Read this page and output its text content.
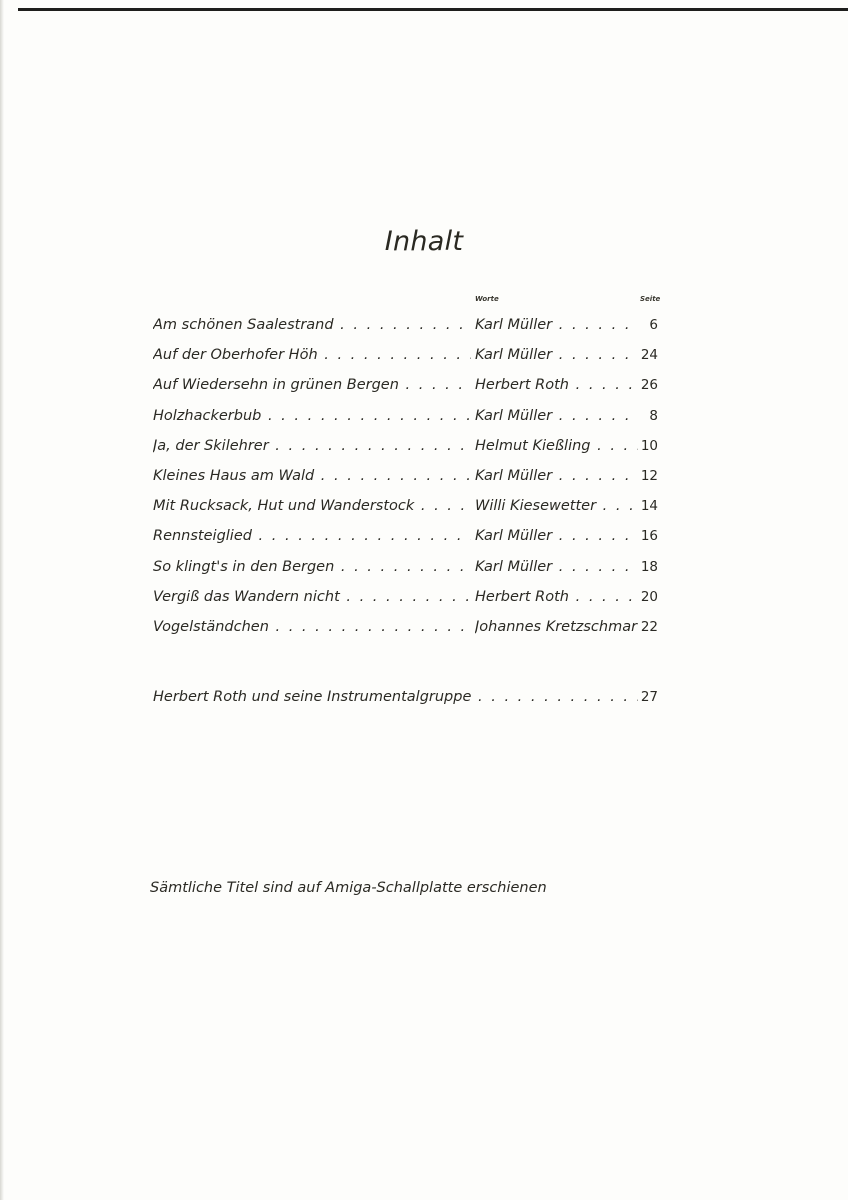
Inhalt
Worte	Seite
Am schönen Saalestrand . . .	Karl Müller . . .	6
Auf der Oberhofer Höh . . .	Karl Müller . . .	24
Auf Wiedersehn in grünen Bergen . . .	Herbert Roth . . .	26
Holzhackerbub . . .	Karl Müller . . .	8
Ja, der Skilehrer . . .	Helmut Kießling . . .	10
Kleines Haus am Wald . . .	Karl Müller . . .	12
Mit Rucksack, Hut und Wanderstock . . .	Willi Kiesewetter . . .	14
Rennsteiglied . . .	Karl Müller . . .	16
So klingt's in den Bergen . . .	Karl Müller . . .	18
Vergiß das Wandern nicht . . .	Herbert Roth . . .	20
Vogelständchen . . .	Johannes Kretzschmar . . . 22
Herbert Roth und seine Instrumentalgruppe . . .	27
Sämtliche Titel sind auf Amiga-Schallplatte erschienen
